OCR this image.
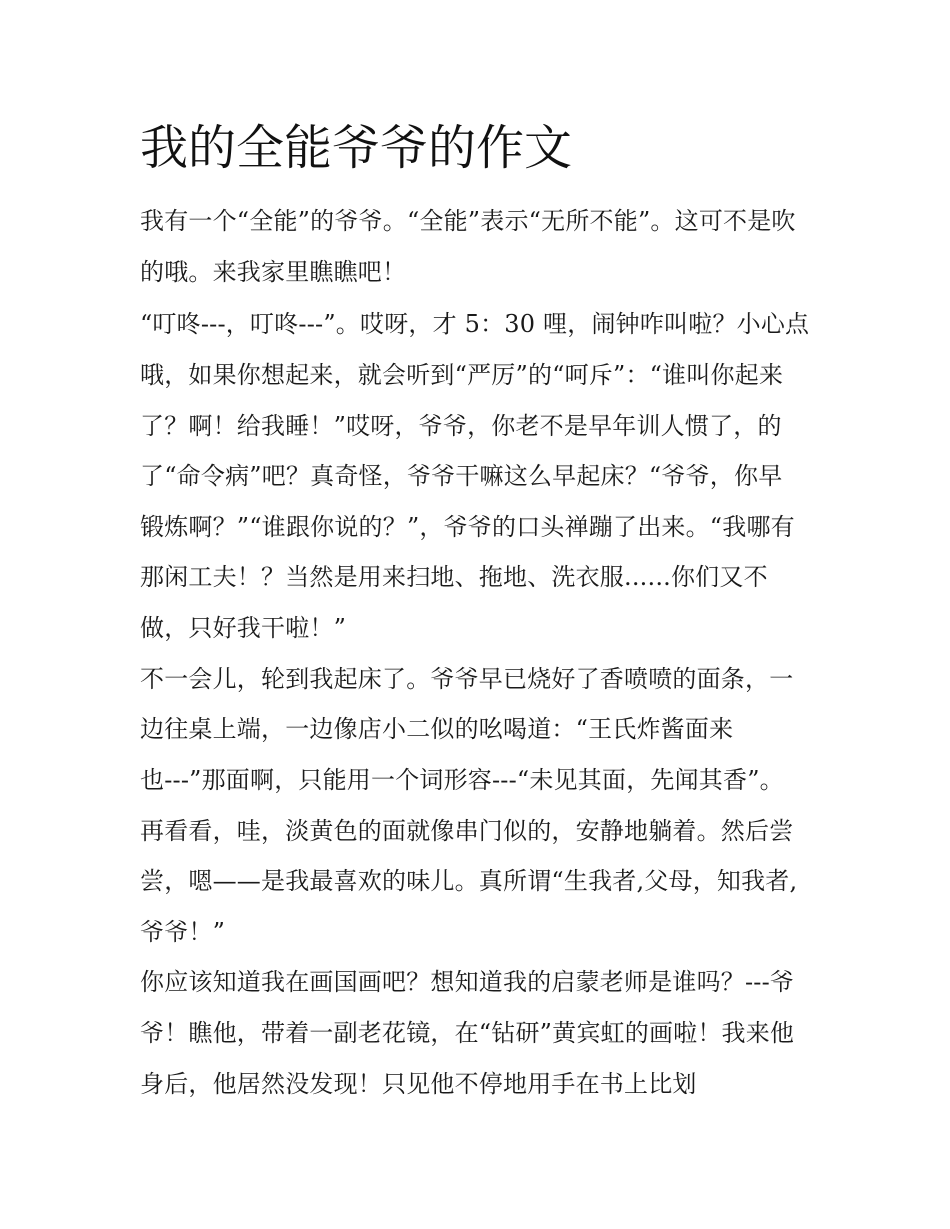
我的全能爷爷的作文
我有一个“全能”的爷爷。“全能”表示“无所不能”。这可不是吹
的哦。来我家里瞧瞧吧！
“叮咚---，叮咚---”。哎呀，才 5：30 哩，闹钟咋叫啦？小心点
哦，如果你想起来，就会听到“严厉”的“呵斥”：“谁叫你起来
了？啊！给我睡！”哎呀，爷爷，你老不是早年训人惯了，的
了“命令病”吧？真奇怪，爷爷干嘛这么早起床？“爷爷，你早
锻炼啊？”“谁跟你说的？”，爷爷的口头禅蹦了出来。“我哪有
那闲工夫！？当然是用来扫地、拖地、洗衣服......你们又不
做，只好我干啦！”
不一会儿，轮到我起床了。爷爷早已烧好了香喷喷的面条，一
边往桌上端，一边像店小二似的吆喝道：“王氏炸酱面来
也---”那面啊，只能用一个词形容---“未见其面，先闻其香”。
再看看，哇，淡黄色的面就像串门似的，安静地躺着。然后尝
尝，嗯——是我最喜欢的味儿。真所谓“生我者,父母，知我者,
爷爷！”
你应该知道我在画国画吧？想知道我的启蒙老师是谁吗？---爷
爷！瞧他，带着一副老花镜，在“钻研”黄宾虹的画啦！我来他
身后，他居然没发现！只见他不停地用手在书上比划
